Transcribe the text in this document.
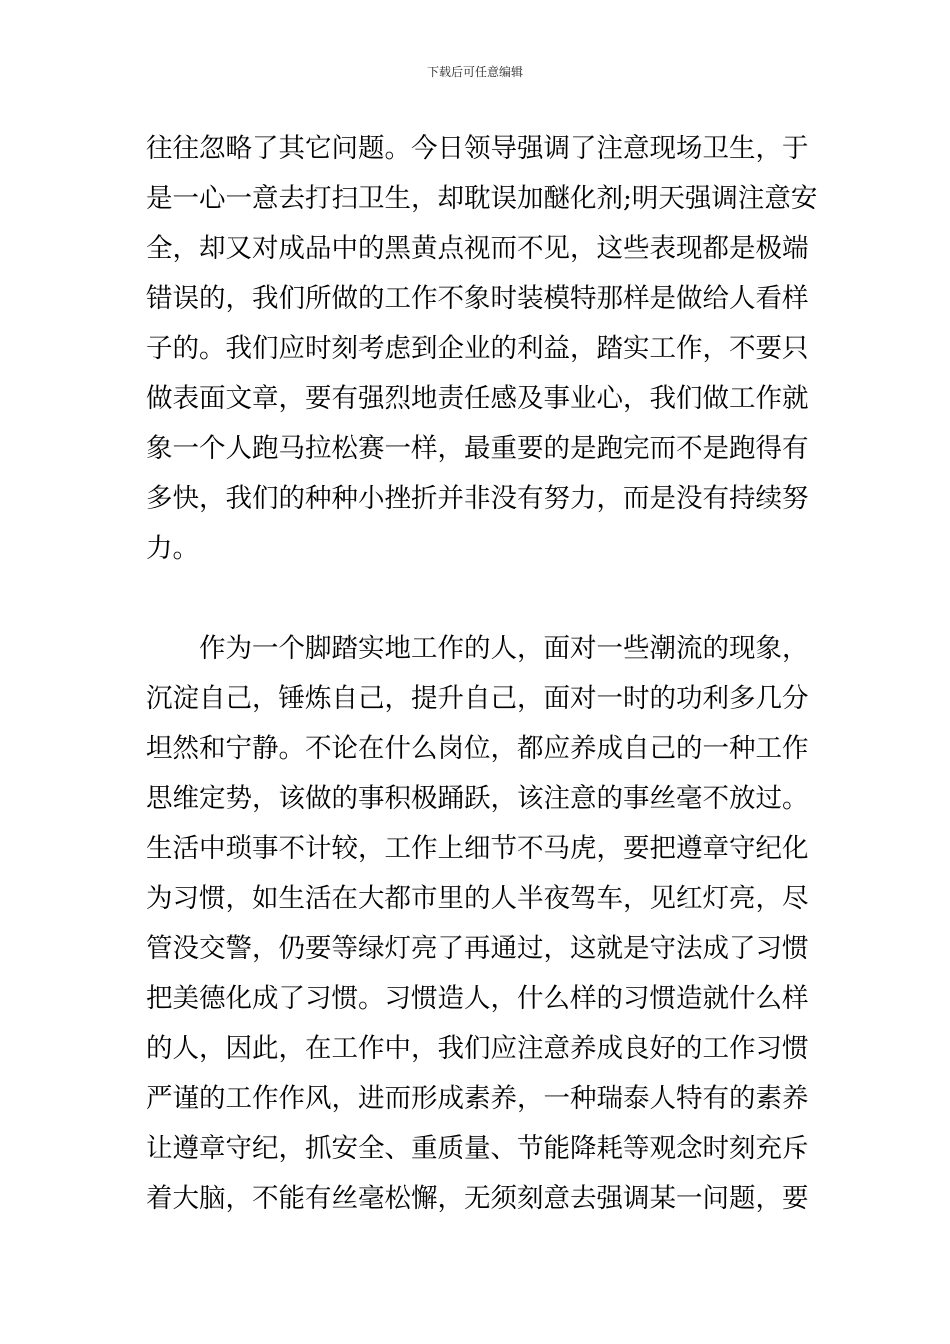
下载后可任意编辑
往往忽略了其它问题。今日领导强调了注意现场卫生，于
是一心一意去打扫卫生，却耽误加醚化剂;明天强调注意安
全，却又对成品中的黑黄点视而不见，这些表现都是极端
错误的，我们所做的工作不象时装模特那样是做给人看样
子的。我们应时刻考虑到企业的利益，踏实工作，不要只
做表面文章，要有强烈地责任感及事业心，我们做工作就
象一个人跑马拉松赛一样，最重要的是跑完而不是跑得有
多快，我们的种种小挫折并非没有努力，而是没有持续努
力。
作为一个脚踏实地工作的人，面对一些潮流的现象，
沉淀自己，锤炼自己，提升自己，面对一时的功利多几分
坦然和宁静。不论在什么岗位，都应养成自己的一种工作
思维定势，该做的事积极踊跃，该注意的事丝毫不放过。
生活中琐事不计较，工作上细节不马虎，要把遵章守纪化
为习惯，如生活在大都市里的人半夜驾车，见红灯亮，尽
管没交警，仍要等绿灯亮了再通过，这就是守法成了习惯
把美德化成了习惯。习惯造人，什么样的习惯造就什么样
的人，因此，在工作中，我们应注意养成良好的工作习惯
严谨的工作作风，进而形成素养，一种瑞泰人特有的素养
让遵章守纪，抓安全、重质量、节能降耗等观念时刻充斥
着大脑，不能有丝毫松懈，无须刻意去强调某一问题，要
